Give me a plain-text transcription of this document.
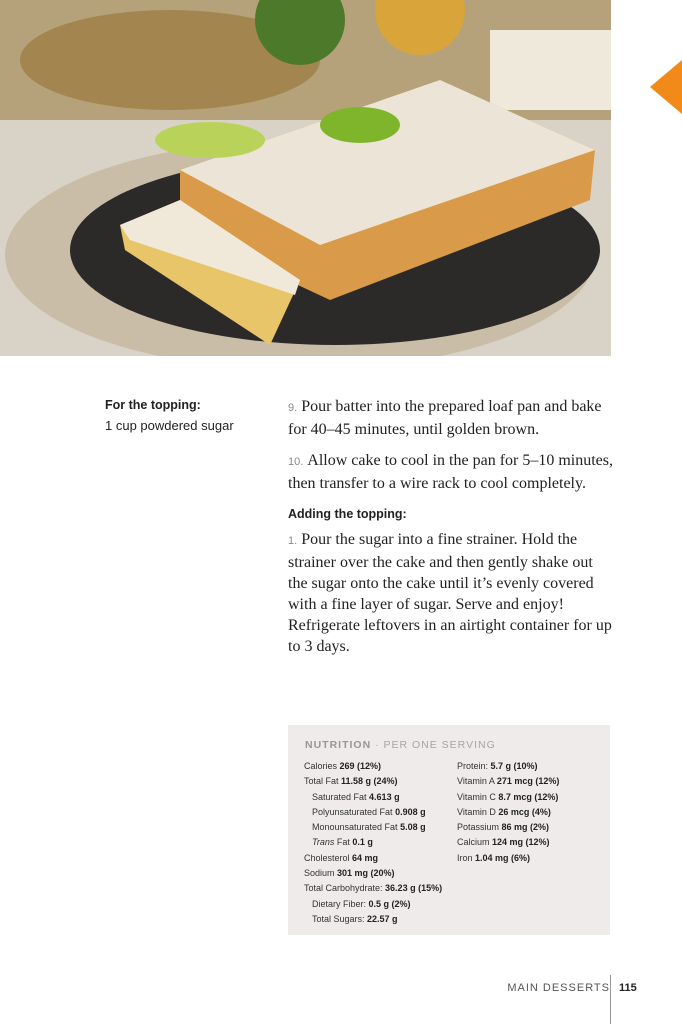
For the topping:
1 cup powdered sugar

9. Pour batter into the prepared loaf pan and bake for 40–45 minutes, until golden brown.

10. Allow cake to cool in the pan for 5–10 minutes, then transfer to a wire rack to cool completely.

Adding the topping:

1. Pour the sugar into a fine strainer. Hold the strainer over the cake and then gently shake out the sugar onto the cake until it’s evenly covered with a fine layer of sugar. Serve and enjoy! Refrigerate leftovers in an airtight container for up to 3 days.

NUTRITION · PER ONE SERVING
Calories 269 (12%)
Total Fat 11.58 g (24%)
Saturated Fat 4.613 g
Polyunsaturated Fat 0.908 g
Monounsaturated Fat 5.08 g
Trans Fat 0.1 g
Cholesterol 64 mg
Sodium 301 mg (20%)
Total Carbohydrate: 36.23 g (15%)
Dietary Fiber: 0.5 g (2%)
Total Sugars: 22.57 g
Protein: 5.7 g (10%)
Vitamin A 271 mcg (12%)
Vitamin C 8.7 mcg (12%)
Vitamin D 26 mcg (4%)
Potassium 86 mg (2%)
Calcium 124 mg (12%)
Iron 1.04 mg (6%)
MAIN DESSERTS 115
